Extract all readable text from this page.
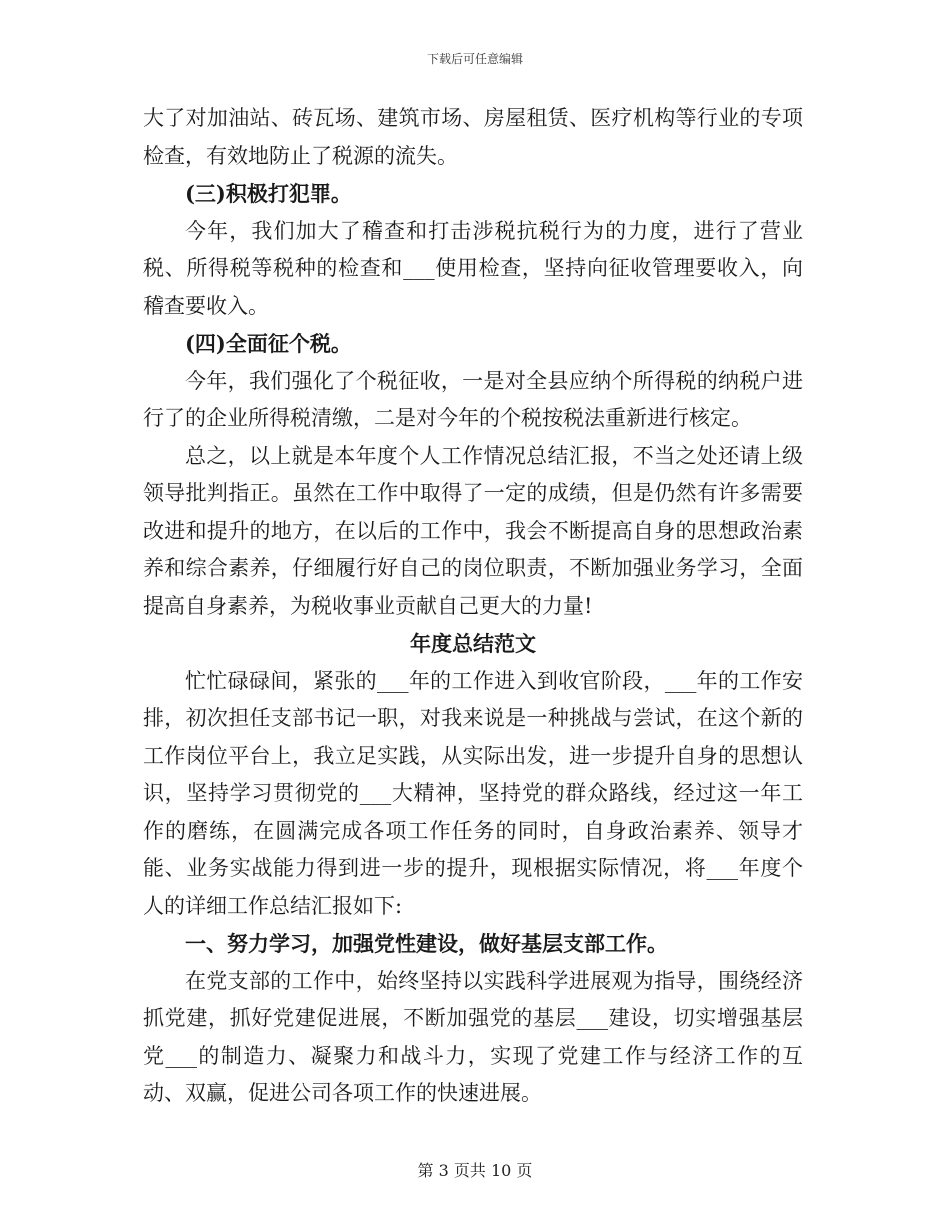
下载后可任意编辑

大了对加油站、砖瓦场、建筑市场、房屋租赁、医疗机构等行业的专项检查，有效地防止了税源的流失。

(三)积极打犯罪。

今年，我们加大了稽查和打击涉税抗税行为的力度，进行了营业税、所得税等税种的检查和___使用检查，坚持向征收管理要收入，向稽查要收入。

(四)全面征个税。

今年，我们强化了个税征收，一是对全县应纳个所得税的纳税户进行了的企业所得税清缴，二是对今年的个税按税法重新进行核定。

总之，以上就是本年度个人工作情况总结汇报，不当之处还请上级领导批判指正。虽然在工作中取得了一定的成绩，但是仍然有许多需要改进和提升的地方，在以后的工作中，我会不断提高自身的思想政治素养和综合素养，仔细履行好自己的岗位职责，不断加强业务学习，全面提高自身素养，为税收事业贡献自己更大的力量!

年度总结范文

忙忙碌碌间，紧张的___年的工作进入到收官阶段，___年的工作安排，初次担任支部书记一职，对我来说是一种挑战与尝试，在这个新的工作岗位平台上，我立足实践，从实际出发，进一步提升自身的思想认识，坚持学习贯彻党的___大精神，坚持党的群众路线，经过这一年工作的磨练，在圆满完成各项工作任务的同时，自身政治素养、领导才能、业务实战能力得到进一步的提升，现根据实际情况，将___年度个人的详细工作总结汇报如下:

一、努力学习，加强党性建设，做好基层支部工作。

在党支部的工作中，始终坚持以实践科学进展观为指导，围绕经济抓党建，抓好党建促进展，不断加强党的基层___建设，切实增强基层党___的制造力、凝聚力和战斗力，实现了党建工作与经济工作的互动、双赢，促进公司各项工作的快速进展。

第 3 页共 10 页
